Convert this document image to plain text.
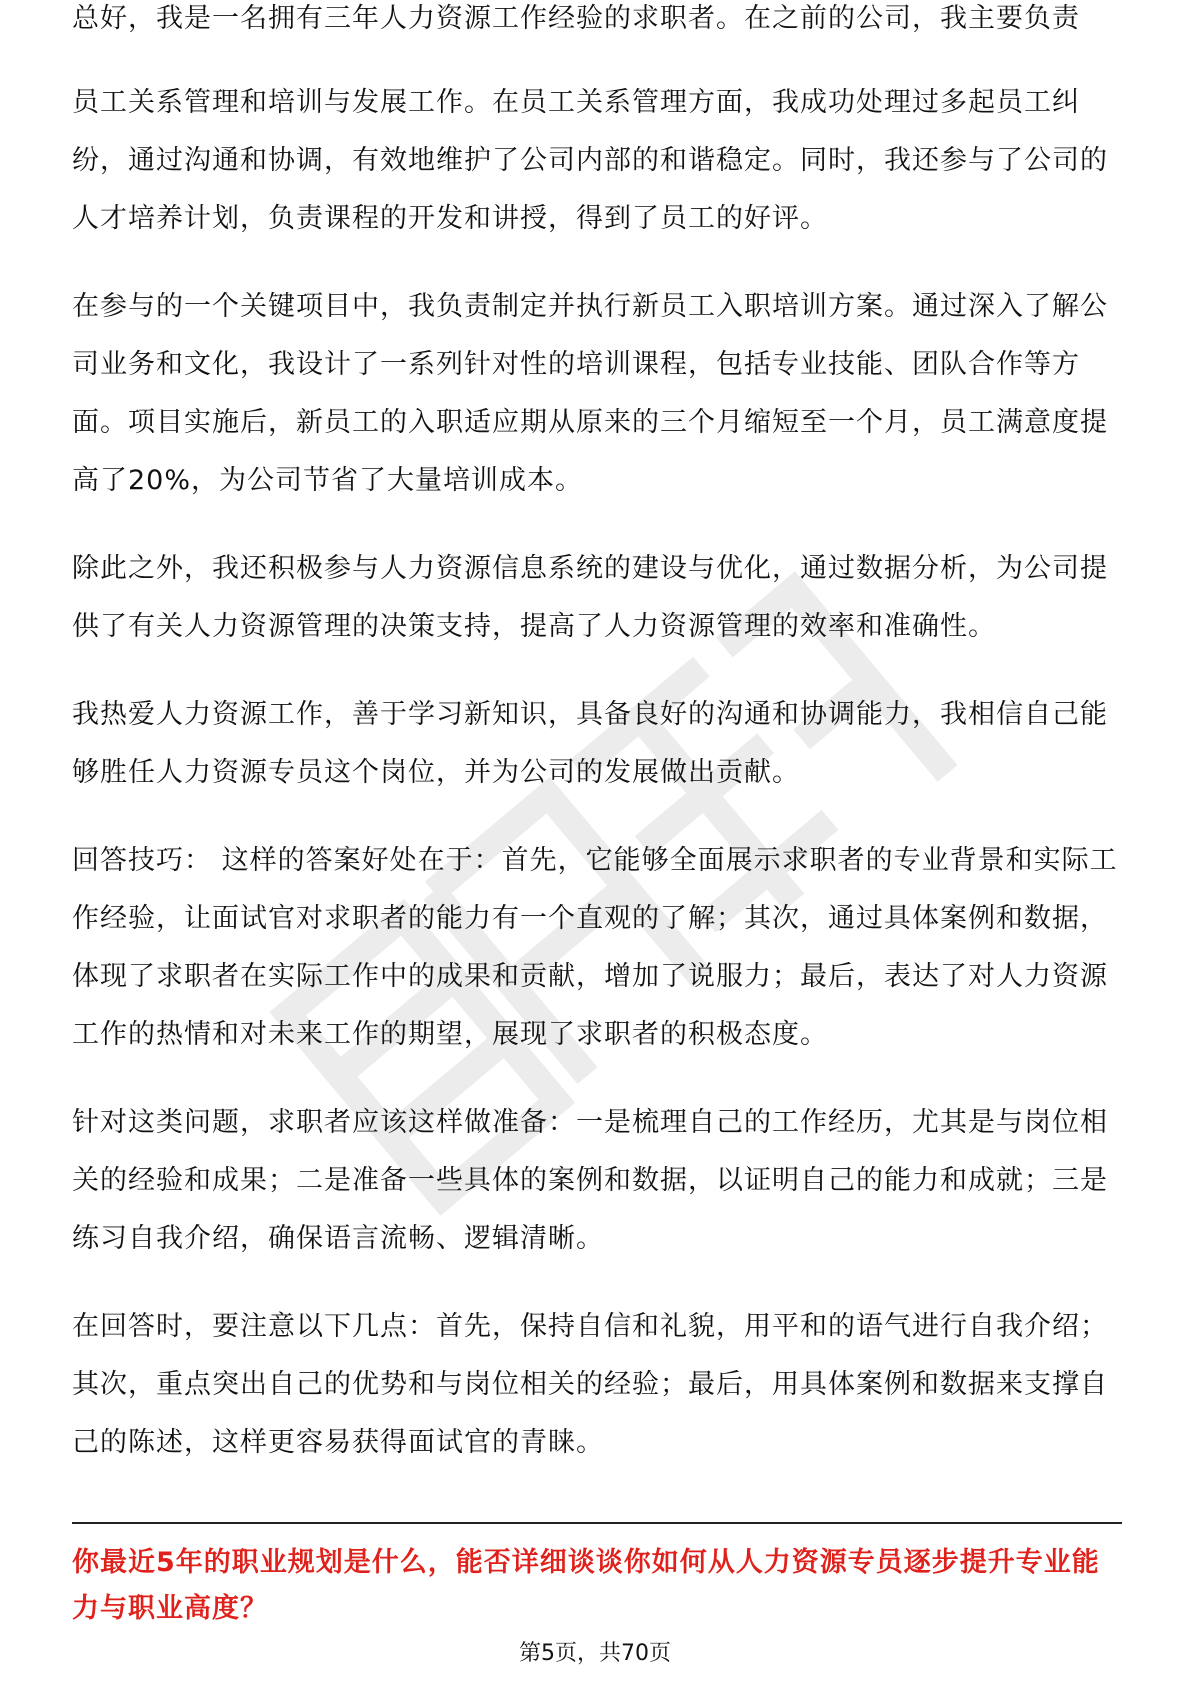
总好，我是一名拥有三年人力资源工作经验的求职者。在之前的公司，我主要负责

员工关系管理和培训与发展工作。在员工关系管理方面，我成功处理过多起员工纠纷，通过沟通和协调，有效地维护了公司内部的和谐稳定。同时，我还参与了公司的人才培养计划，负责课程的开发和讲授，得到了员工的好评。

在参与的一个关键项目中，我负责制定并执行新员工入职培训方案。通过深入了解公司业务和文化，我设计了一系列针对性的培训课程，包括专业技能、团队合作等方面。项目实施后，新员工的入职适应期从原来的三个月缩短至一个月，员工满意度提高了20%，为公司节省了大量培训成本。

除此之外，我还积极参与人力资源信息系统的建设与优化，通过数据分析，为公司提供了有关人力资源管理的决策支持，提高了人力资源管理的效率和准确性。

我热爱人力资源工作，善于学习新知识，具备良好的沟通和协调能力，我相信自己能够胜任人力资源专员这个岗位，并为公司的发展做出贡献。

回答技巧： 这样的答案好处在于：首先，它能够全面展示求职者的专业背景和实际工作经验，让面试官对求职者的能力有一个直观的了解；其次，通过具体案例和数据，体现了求职者在实际工作中的成果和贡献，增加了说服力；最后，表达了对人力资源工作的热情和对未来工作的期望，展现了求职者的积极态度。

针对这类问题，求职者应该这样做准备：一是梳理自己的工作经历，尤其是与岗位相关的经验和成果；二是准备一些具体的案例和数据，以证明自己的能力和成就；三是练习自我介绍，确保语言流畅、逻辑清晰。

在回答时，要注意以下几点：首先，保持自信和礼貌，用平和的语气进行自我介绍；其次，重点突出自己的优势和与岗位相关的经验；最后，用具体案例和数据来支撑自己的陈述，这样更容易获得面试官的青睐。

你最近5年的职业规划是什么，能否详细谈谈你如何从人力资源专员逐步提升专业能力与职业高度？
第5页，共70页
